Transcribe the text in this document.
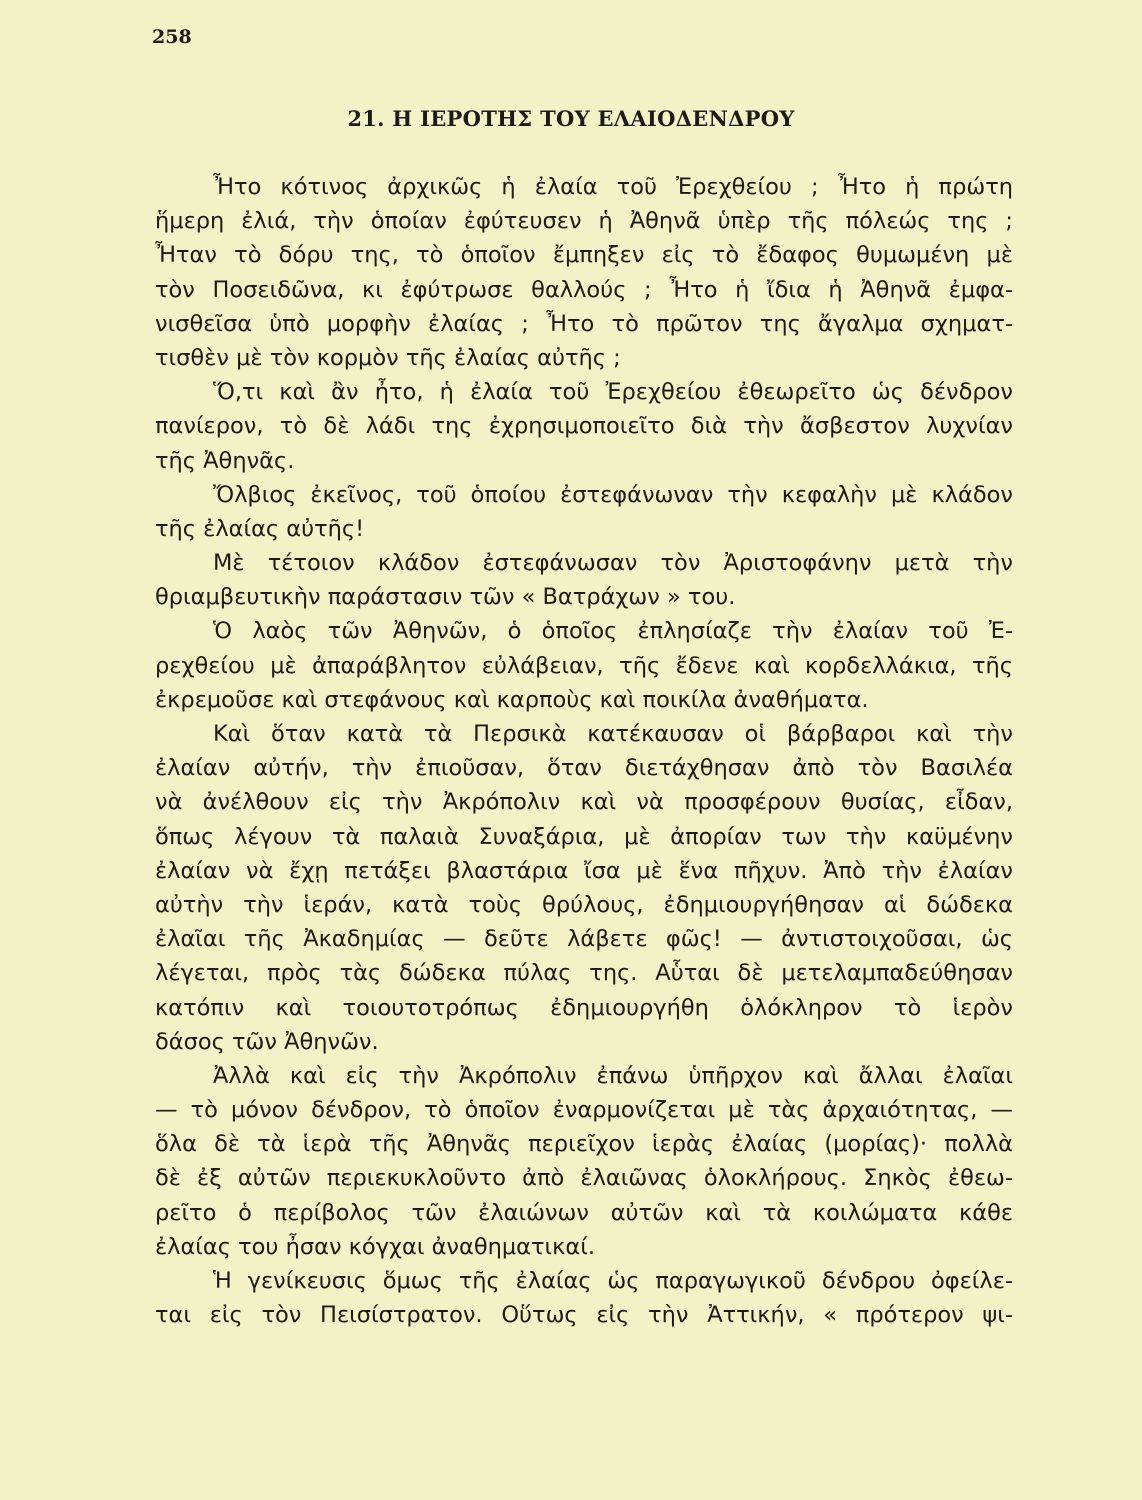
258
21. Η ΙΕΡΟΤΗΣ ΤΟΥ ΕΛΑΙΟΔΕΝΔΡΟΥ
Ἦτο κότινος ἀρχικῶς ἡ ἐλαία τοῦ Ἐρεχθείου ; Ἦτο ἡ πρώτη
ἥμερη ἐλιά, τὴν ὁποίαν ἐφύτευσεν ἡ Ἀθηνᾶ ὑπὲρ τῆς πόλεώς της ;
Ἦταν τὸ δόρυ της, τὸ ὁποῖον ἔμπηξεν εἰς τὸ ἔδαφος θυμωμένη μὲ
τὸν Ποσειδῶνα, κι ἐφύτρωσε θαλλούς ; Ἦτο ἡ ἴδια ἡ Ἀθηνᾶ ἐμφα-
νισθεῖσα ὑπὸ μορφὴν ἐλαίας ; Ἦτο τὸ πρῶτον της ἄγαλμα σχηματ-
τισθὲν μὲ τὸν κορμὸν τῆς ἐλαίας αὐτῆς ;
Ὅ,τι καὶ ἂν ἦτο, ἡ ἐλαία τοῦ Ἐρεχθείου ἐθεωρεῖτο ὡς δένδρον
πανίερον, τὸ δὲ λάδι της ἐχρησιμοποιεῖτο διὰ τὴν ἄσβεστον λυχνίαν
τῆς Ἀθηνᾶς.
Ὄλβιος ἐκεῖνος, τοῦ ὁποίου ἐστεφάνωναν τὴν κεφαλὴν μὲ κλάδον
τῆς ἐλαίας αὐτῆς!
Μὲ τέτοιον κλάδον ἐστεφάνωσαν τὸν Ἀριστοφάνην μετὰ τὴν
θριαμβευτικὴν παράστασιν τῶν « Βατράχων » του.
Ὁ λαὸς τῶν Ἀθηνῶν, ὁ ὁποῖος ἐπλησίαζε τὴν ἐλαίαν τοῦ Ἐ-
ρεχθείου μὲ ἀπαράβλητον εὐλάβειαν, τῆς ἔδενε καὶ κορδελλάκια, τῆς
ἐκρεμοῦσε καὶ στεφάνους καὶ καρποὺς καὶ ποικίλα ἀναθήματα.
Καὶ ὅταν κατὰ τὰ Περσικὰ κατέκαυσαν οἱ βάρβαροι καὶ τὴν
ἐλαίαν αὐτήν, τὴν ἐπιοῦσαν, ὅταν διετάχθησαν ἀπὸ τὸν Βασιλέα
νὰ ἀνέλθουν εἰς τὴν Ἀκρόπολιν καὶ νὰ προσφέρουν θυσίας, εἶδαν,
ὅπως λέγουν τὰ παλαιὰ Συναξάρια, μὲ ἀπορίαν των τὴν καϋμένην
ἐλαίαν νὰ ἔχῃ πετάξει βλαστάρια ἴσα μὲ ἕνα πῆχυν. Ἀπὸ τὴν ἐλαίαν
αὐτὴν τὴν ἱεράν, κατὰ τοὺς θρύλους, ἐδημιουργήθησαν αἱ δώδεκα
ἐλαῖαι τῆς Ἀκαδημίας — δεῦτε λάβετε φῶς! — ἀντιστοιχοῦσαι, ὡς
λέγεται, πρὸς τὰς δώδεκα πύλας της. Αὗται δὲ μετελαμπαδεύθησαν
κατόπιν καὶ τοιουτοτρόπως ἐδημιουργήθη ὁλόκληρον τὸ ἱερὸν
δάσος τῶν Ἀθηνῶν.
Ἀλλὰ καὶ εἰς τὴν Ἀκρόπολιν ἐπάνω ὑπῆρχον καὶ ἄλλαι ἐλαῖαι
— τὸ μόνον δένδρον, τὸ ὁποῖον ἐναρμονίζεται μὲ τὰς ἀρχαιότητας, —
ὅλα δὲ τὰ ἱερὰ τῆς Ἀθηνᾶς περιεῖχον ἱερὰς ἐλαίας (μορίας)· πολλὰ
δὲ ἐξ αὐτῶν περιεκυκλοῦντο ἀπὸ ἐλαιῶνας ὁλοκλήρους. Σηκὸς ἐθεω-
ρεῖτο ὁ περίβολος τῶν ἐλαιώνων αὐτῶν καὶ τὰ κοιλώματα κάθε
ἐλαίας του ἦσαν κόγχαι ἀναθηματικαί.
Ἡ γενίκευσις ὅμως τῆς ἐλαίας ὡς παραγωγικοῦ δένδρου ὀφείλε-
ται εἰς τὸν Πεισίστρατον. Οὕτως εἰς τὴν Ἀττικήν, « πρότερον ψι-
